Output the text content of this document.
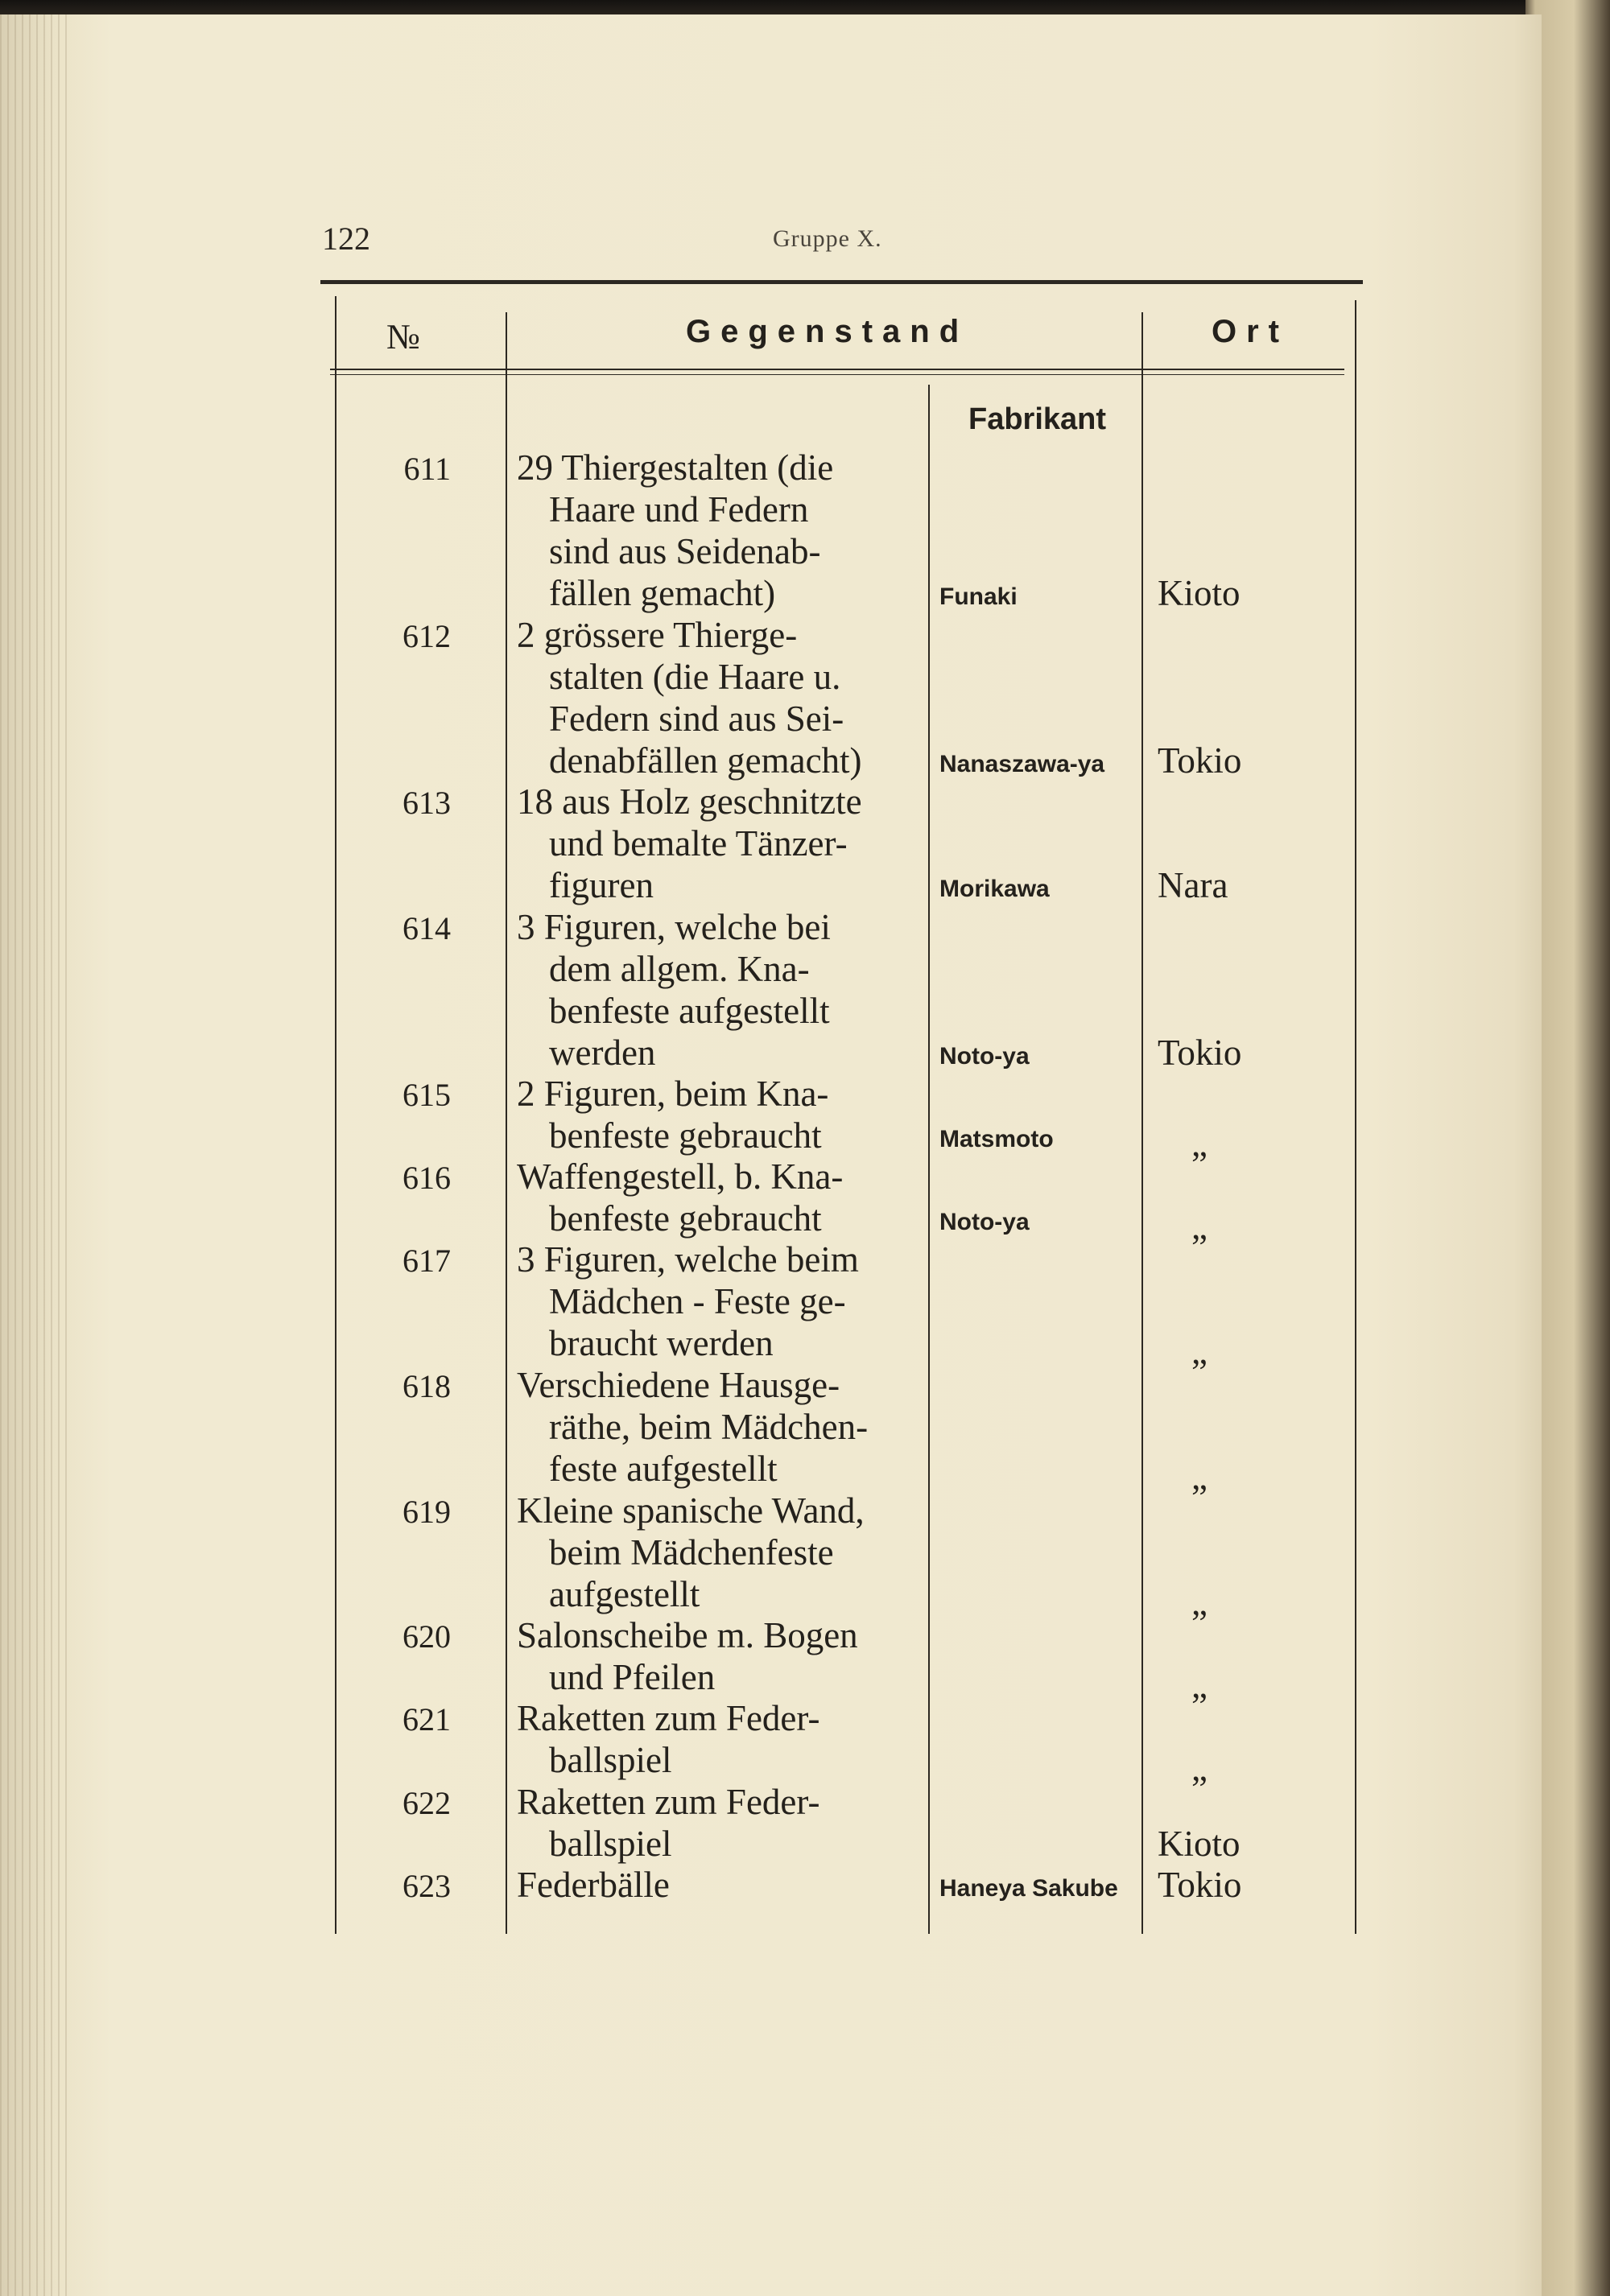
122	Gruppe X.
№	Gegenstand	Ort
Fabrikant
611 29 Thiergestalten (die
Haare und Federn
sind aus Seidenab-
fällen gemacht)	Funaki	Kioto
612 2 grössere Thierge-
stalten (die Haare u.
Federn sind aus Sei-
denabfällen gemacht)	Nanaszawa-ya Tokio
613 18 aus Holz geschnitzte
und bemalte Tänzer-
figuren	Morikawa	Nara
614 3 Figuren, welche bei
dem allgem. Kna-
benfeste aufgestellt
werden	Noto-ya	Tokio
615 2 Figuren, beim Kna-
benfeste gebraucht	Matsmoto	„
616 Waffengestell, b. Kna-
benfeste gebraucht	Noto-ya	„
617 3 Figuren, welche beim
Mädchen - Feste ge-
braucht werden	„
618 Verschiedene Hausge-
räthe, beim Mädchen-
feste aufgestellt	„
619 Kleine spanische Wand,
beim Mädchenfeste
aufgestellt	„
620 Salonscheibe m. Bogen
und Pfeilen	„
621 Raketten zum Feder-
ballspiel	„
622 Raketten zum Feder-
ballspiel	Kioto
623 Federbälle	Haneya Sakube Tokio
